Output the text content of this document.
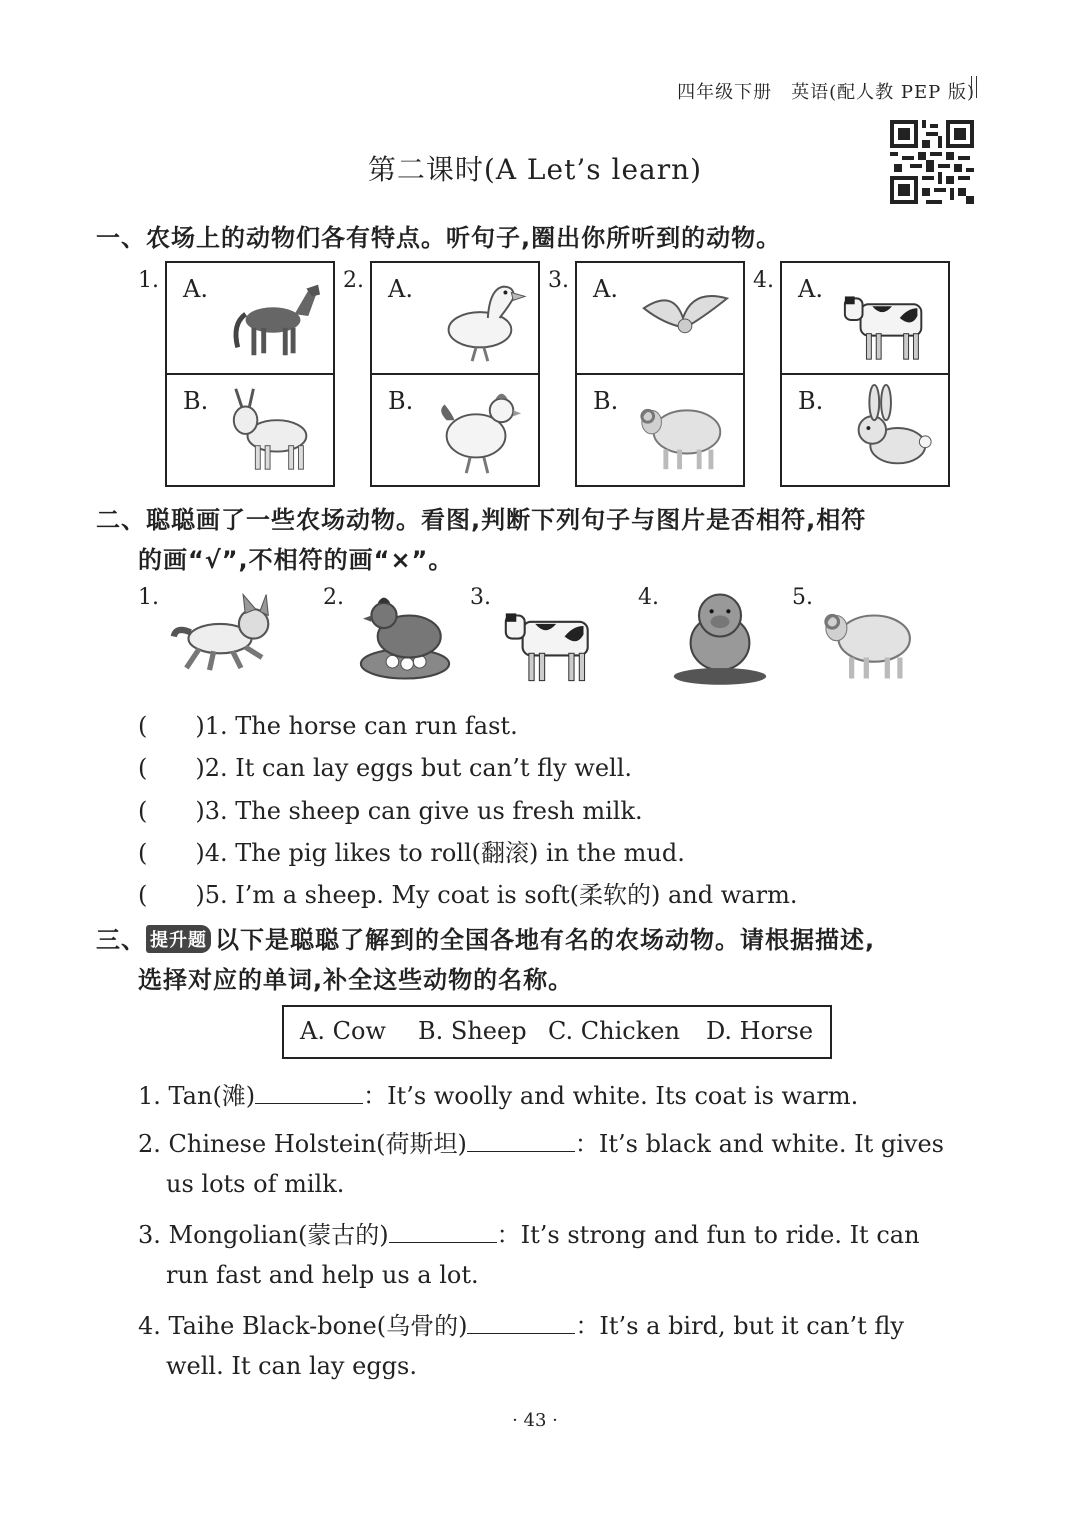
四年级下册　英语(配人教 PEP 版)
第二课时(A Let’s learn)
一、农场上的动物们各有特点。听句子,圈出你所听到的动物。
1. A.
B.
2. A.
B.
3. A.
B.
4. A.
B.
二、聪聪画了一些农场动物。看图,判断下列句子与图片是否相符,相符
的画“√”,不相符的画“×”。
1.	2.	3.	4.	5.
(　　)1. The horse can run fast.
(　　)2. It can lay eggs but can’t fly well.
(　　)3. The sheep can give us fresh milk.
(　　)4. The pig likes to roll(翻滚) in the mud.
(　　)5. I’m a sheep. My coat is soft(柔软的) and warm.
三、 提升题 以下是聪聪了解到的全国各地有名的农场动物。请根据描述,
选择对应的单词,补全这些动物的名称。
A. Cow B. Sheep C. Chicken D. Horse
1. Tan(滩)	：It’s woolly and white. Its coat is warm.
2. Chinese Holstein(荷斯坦)	：It’s black and white. It gives
us lots of milk.
3. Mongolian(蒙古的)	：It’s strong and fun to ride. It can
run fast and help us a lot.
4. Taihe Black-bone(乌骨的)	：It’s a bird, but it can’t fly
well. It can lay eggs.
· 43 ·
